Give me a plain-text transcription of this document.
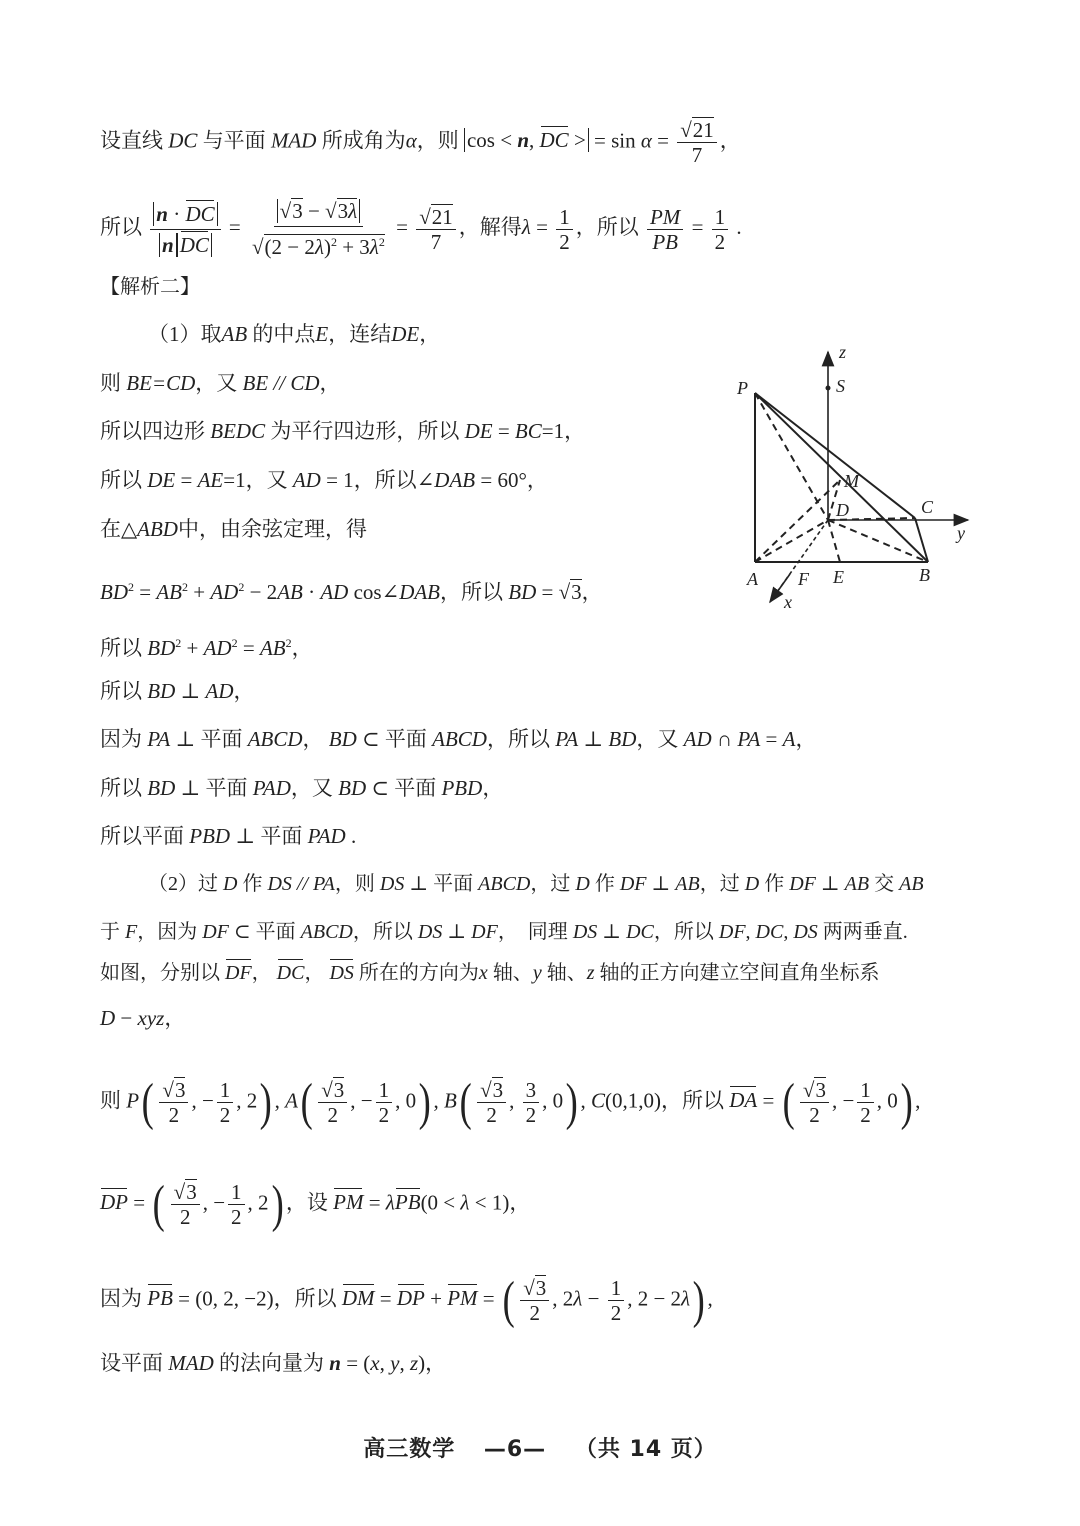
设直线 DC 与平面 MAD 所成角为α，则 cos < n, DC > = $\sin \alpha = \frac{√21}{7}$ ，
所以 $\frac{n \cdot DC}{\text{n DC}} = \frac{√3 - √3\lambda}{√(2 - 2\lambda)^2 + 3\lambda^2} = \frac{√21}{7}$ ，解得$\lambda = \frac{1}{2}$ ，所以 $\frac{PM}{PB} = \frac{1}{2}$ .
【解析二】
（1）取AB 的中点E，连结DE，
则 BE=CD，又 BE // CD，
所以四边形 BEDC 为平行四边形，所以 DE = BC=1，
所以 DE = AE=1，又 AD = 1，所以∠DAB = 60°，
在△ABD中，由余弦定理，得
$BD^2 = AB^2 + AD^2 - 2AB$ · AD cos∠DAB，所以 BD = √3，
所以 $BD^2 + AD^2 = AB^2$，
所以 BD ⊥ AD，
因为 PA ⊥ 平面 ABCD， BD ⊂ 平面 ABCD，所以 PA ⊥ BD，又 AD ∩ PA = A，
所以 BD ⊥ 平面 PAD，又 BD ⊂ 平面 PBD，
所以平面 PBD ⊥ 平面 PAD .
（2）过 D 作 DS // PA，则 DS ⊥ 平面 ABCD，过 D 作 DF ⊥ AB，过 D 作 DF ⊥ AB 交 AB
于 F，因为 DF ⊂ 平面 ABCD，所以 DS ⊥ DF，　同理 DS ⊥ DC，所以 DF, DC, DS 两两垂直.
如图，分别以 DF， DC， DS 所在的方向为x 轴、y 轴、z 轴的正方向建立空间直角坐标系
D − xyz，
则 $P( \frac{√3}{2}$ , − $\frac{1}{2}$ , 2) , $A( \frac{√3}{2}$ , − $\frac{1}{2}$ , 0) , $B( \frac{√3}{2}$ , $\frac{3}{2}$ , 0) , C(0,1,0)，所以 DA = ( $\frac{√3}{2}$ , − $\frac{1}{2}$ , 0) ,
DP = ( $\frac{√3}{2}$ , − $\frac{1}{2}$ , 2) ，设 PM = λPB(0 < λ < 1)，
因为 PB = (0, 2, −2)，所以 DM = DP + PM = ( $\frac{√3}{2}$ , $2\lambda - \frac{1}{2}$ , 2 − 2λ) ,
设平面 MAD 的法向量为 n = (x, y, z)，
z
S
P
M
D	C
y
A F E	B
x
高三数学 —6— （共 14 页）
